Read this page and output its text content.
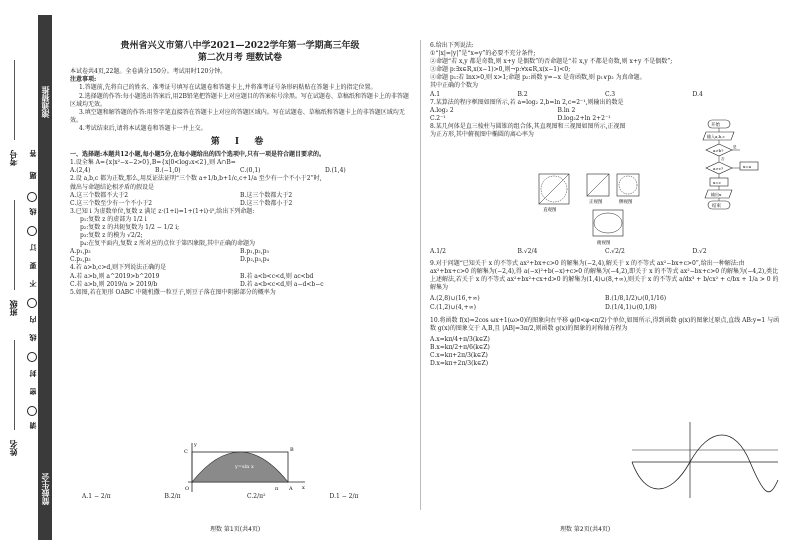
滚通猜推
简鼓生会
考号
班级
姓名
答
题
线
订
要
不
内
线
封
密
请

贵州省兴义市第八中学2021—2022学年第一学期高三年级

第二次月考 理数试卷

本试卷共4页,22题。全卷满分150分。考试用时120分钟。

注意事项:

1.答题前,先将自己的姓名、准考证号填写在试题卷和答题卡上,并将准考证号条形码粘贴在答题卡上的指定位置。

2.选择题的作答:每小题选出答案后,用2B铅笔把答题卡上对应题目的答案标号涂黑。写在试题卷、草稿纸和答题卡上的非答题区域均无效。

3.填空题和解答题的作答:用签字笔直接答在答题卡上对应的答题区域内。写在试题卷、草稿纸和答题卡上的非答题区域均无效。

4.考试结束后,请将本试题卷和答题卡一并上交。

第 Ⅰ 卷

一、选择题:本题共12小题,每小题5分,在每小题给出的四个选项中,只有一项是符合题目要求的。

1.设全集 A={x|x²−x−2>0},B={x|0<log₂x<2},则 A∩B=

A.(2,4)	B.(−1,0)	C.(0,1)	D.(1,4)

2.设 a,b,c 都为正数,那么,用反证法证明“三个数 a+1/b,b+1/c,c+1/a 至少有一个不小于2”时,

做出与命题结论相矛盾的假设是

A.这三个数都不大于2	B.这三个数都大于2
C.这三个数至少有一个不小于2	D.这三个数都小于2

3.已知 i 为虚数单位,复数 z 满足 z·(1+i)=1+(1+i)·i⁵,给出下列命题:

p₁:复数 z 的虚部为 1/2 i

p₂:复数 z 的共轭复数为 1/2 − 1/2 i;

p₃:复数 z 的模为 √2/2;

p₄:在复平面内,复数 z 所对应的点位于第四象限,其中正确的命题为

A.p₁,p₃	B.p₁,p₂,p₃
C.p₂,p₃	D.p₂,p₃,p₄

4.若 a>b,c>d,则下列说法正确的是

A.若 a>b,则 a^2019>b^2019	B.若 a<b<c<d,则 ac<bd
C.若 a>b,则 2019/a > 2019/b	D.若 a<b<c<d,则 a−d<b−c

5.如图,若在矩形 OABC 中随机撒一粒豆子,则豆子落在图中阴影部分的概率为

y=sin x
O	A
B
C
π	x
y
A.1 − 2/π	B.2/π	C.2/π²	D.1 − 2/π
理数 第1页(共4页)

6.给出下列说法:

①“|x|=|y|”是“x=y”的必要不充分条件;

②命题“若 x,y 都是奇数,则 x+y 是偶数”的否命题是“若 x,y 不都是奇数,则 x+y 不是偶数”;

③命题 p:∃x∈R,x(x−1)>0,则¬p:∀x∈R,x(x−1)<0;

④命题 p₁:若 lnx>0,则 x>1;命题 p₂:函数 y=−x 是奇函数,则 p₁∨p₂ 为真命题。

其中正确的个数为

A.1	B.2	C.3	D.4

7.某算法的程序框图如图所示,若 a=log₂ 2,b=ln 2,c=2⁻¹,则输出的数是

A.log₂ 2	B.ln 2
C.2⁻¹	D.log₂2+ln 2+2⁻¹

8.某几何体是直三棱柱与圆锥的组合体,其直观图和三视图如图所示,正视图

为正方形,其中俯视图中椭圆的离心率为

开始
输入a,b,c
a>b?
是
否
a>c?	x=a
x=c
输出x
结束
直观图
正视图	侧视图
俯视图
A.1/2	B.√2/4	C.√2/2	D.√2

9.对于问题“已知关于 x 的不等式 ax²+bx+c>0 的解集为(−2,4),解关于 x 的不等式 ax²−bx+c>0”,给出一种解法:由 ax²+bx+c>0 的解集为(−2,4),得 a(−x)²+b(−x)+c>0 的解集为(−4,2),即关于 x 的不等式 ax²−bx+c>0 的解集为(−4,2),类比上述解法,若关于 x 的不等式 ax²+bx²+cx+d>0 的解集为(1,4)∪(8,+∞),则关于 x 的不等式 a/dx³ + b/cx² + c/bx + 1/a > 0 的解集为

A.(2,8)∪(16,+∞)	B.(1/8,1/2)∪(0,1/16)
C.(1,2)∪(4,+∞)	D.(1/4,1)∪(0,1/8)

10.将函数 f(x)=2cos ωx+1(ω>0)的图象向右平移 φ(0<φ<π/2)个单位,如图所示,得到函数 g(x)的图象过原点,直线 AB:y=1 与函数 g(x)的图象交于 A,B,且 |AB|=3π/2,则函数 g(x)的图象的对称轴方程为

A.x=kπ/4+π/3(k∈Z)

B.x=kπ/2+π/6(k∈Z)

C.x=kπ+2π/3(k∈Z)

D.x=kπ+2π/3(k∈Z)

理数 第2页(共4页)
